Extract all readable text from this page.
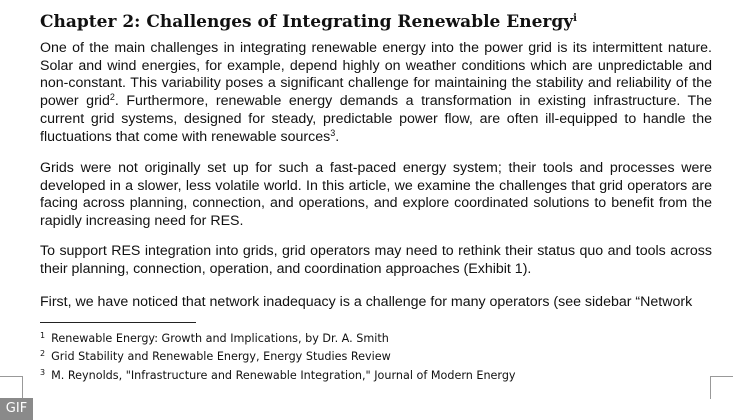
Chapter 2: Challenges of Integrating Renewable Energy$^i$

One of the main challenges in integrating renewable energy into the power grid is its intermittent nature. Solar and wind energies, for example, depend highly on weather conditions which are unpredictable and non-constant. This variability poses a significant challenge for maintaining the stability and reliability of the power grid$^2$. Furthermore, renewable energy demands a transformation in existing infrastructure. The current grid systems, designed for steady, predictable power flow, are often ill-equipped to handle the fluctuations that come with renewable sources$^3$.

Grids were not originally set up for such a fast-paced energy system; their tools and processes were developed in a slower, less volatile world. In this article, we examine the challenges that grid operators are facing across planning, connection, and operations, and explore coordinated solutions to benefit from the rapidly increasing need for RES.

To support RES integration into grids, grid operators may need to rethink their status quo and tools across their planning, connection, operation, and coordination approaches (Exhibit 1).

First, we have noticed that network inadequacy is a challenge for many operators (see sidebar “Network

$^1$ Renewable Energy: Growth and Implications, by Dr. A. Smith
$^2$ Grid Stability and Renewable Energy, Energy Studies Review
$^3$ M. Reynolds, "Infrastructure and Renewable Integration," Journal of Modern Energy
GIF
